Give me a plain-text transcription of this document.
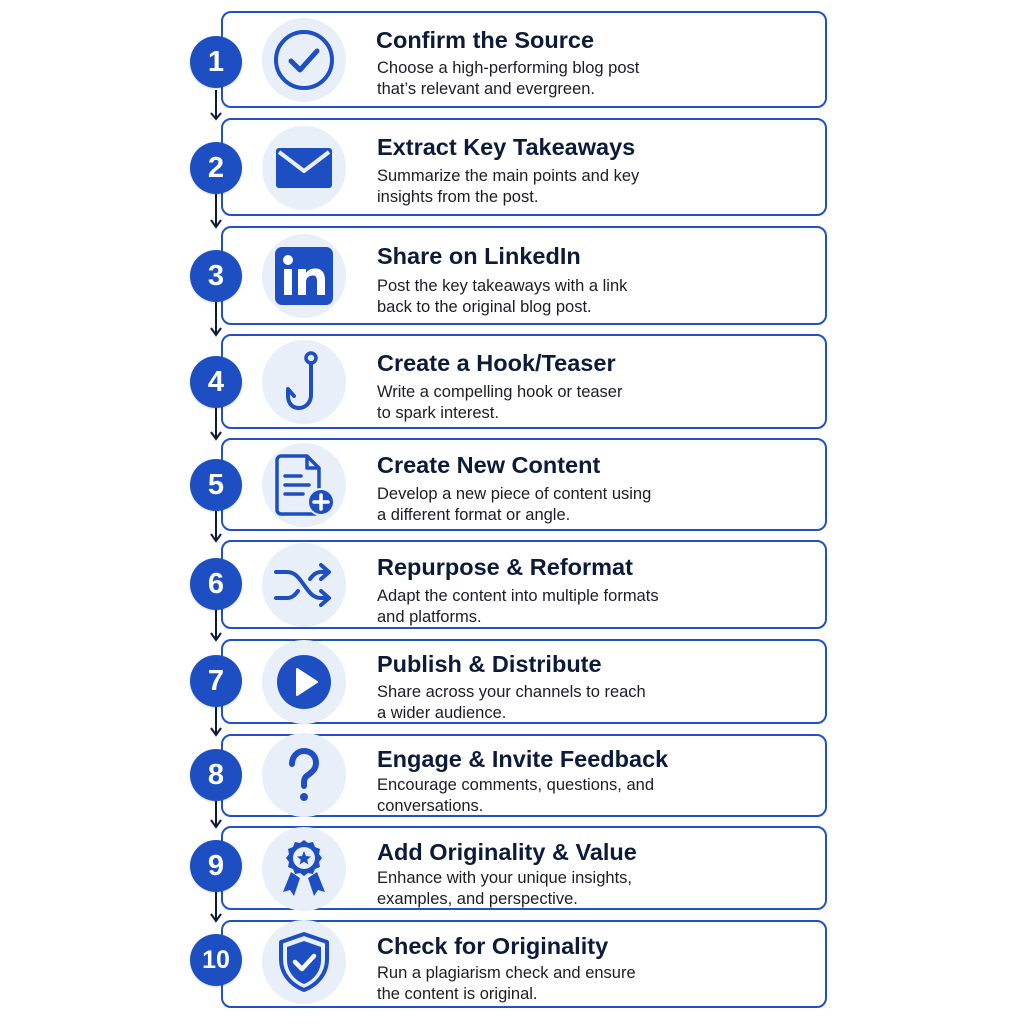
1
Confirm the Source
Choose a high-performing blog post
that’s relevant and evergreen.
2
Extract Key Takeaways
Summarize the main points and key
insights from the post.
3
Share on LinkedIn
Post the key takeaways with a link
back to the original blog post.
4
Create a Hook/Teaser
Write a compelling hook or teaser
to spark interest.
5
Create New Content
Develop a new piece of content using
a different format or angle.
6
Repurpose & Reformat
Adapt the content into multiple formats
and platforms.
7
Publish & Distribute
Share across your channels to reach
a wider audience.
8	Engage & Invite Feedback
Encourage comments, questions, and
conversations.
9	Add Originality & Value
Enhance with your unique insights,
examples, and perspective.
10	Check for Originality
Run a plagiarism check and ensure
the content is original.
